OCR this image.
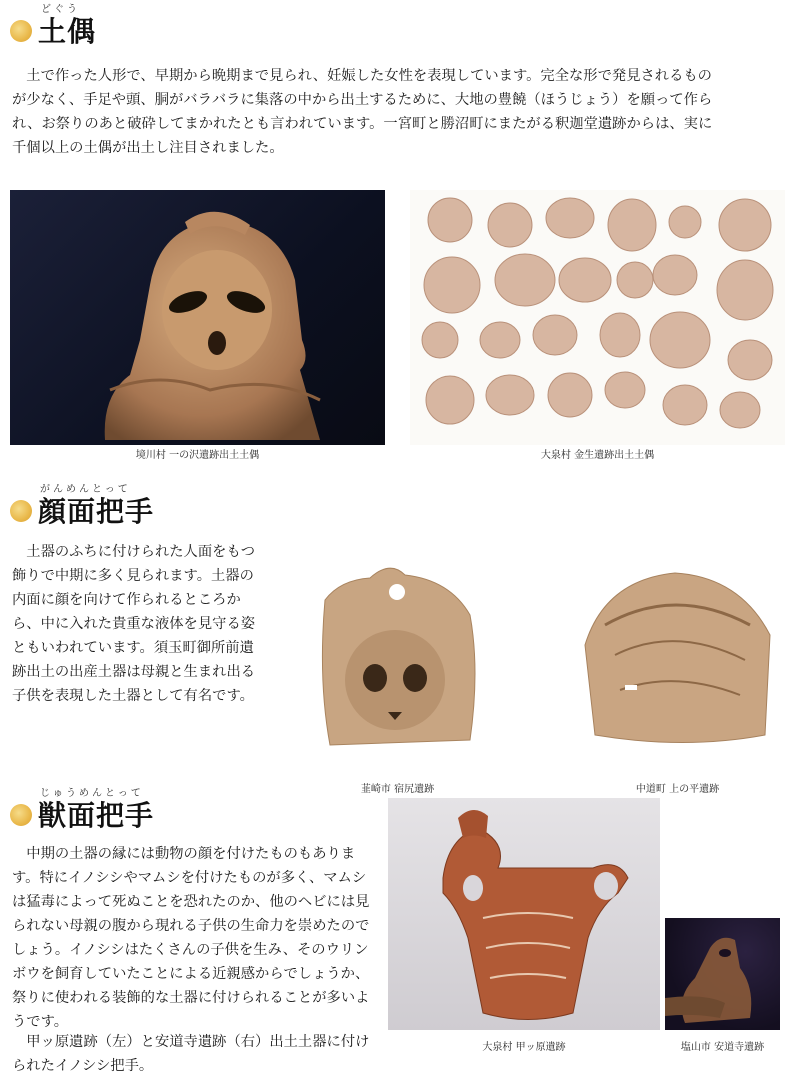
どぐう
土偶

土で作った人形で、早期から晩期まで見られ、妊娠した女性を表現しています。完全な形で発見されるものが少なく、手足や頭、胴がバラバラに集落の中から出土するために、大地の豊饒（ほうじょう）を願って作られ、お祭りのあと破砕してまかれたとも言われています。一宮町と勝沼町にまたがる釈迦堂遺跡からは、実に千個以上の土偶が出土し注目されました。

境川村 一の沢遺跡出土土偶	大泉村 金生遺跡出土土偶
がんめんとって
顔面把手

土器のふちに付けられた人面をもつ飾りで中期に多く見られます。土器の内面に顔を向けて作られるところから、中に入れた貴重な液体を見守る姿ともいわれています。須玉町御所前遺跡出土の出産土器は母親と生まれ出る子供を表現した土器として有名です。

韮崎市 宿尻遺跡	中道町 上の平遺跡
じゅうめんとって
獣面把手

中期の土器の縁には動物の顔を付けたものもあります。特にイノシシやマムシを付けたものが多く、マムシは猛毒によって死ぬことを恐れたのか、他のヘビには見られない母親の腹から現れる子供の生命力を崇めたのでしょう。イノシシはたくさんの子供を生み、そのウリンボウを飼育していたことによる近親感からでしょうか、祭りに使われる装飾的な土器に付けられることが多いようです。

甲ッ原遺跡（左）と安道寺遺跡（右）出土土器に付けられたイノシシ把手。

大泉村 甲ッ原遺跡	塩山市 安道寺遺跡
